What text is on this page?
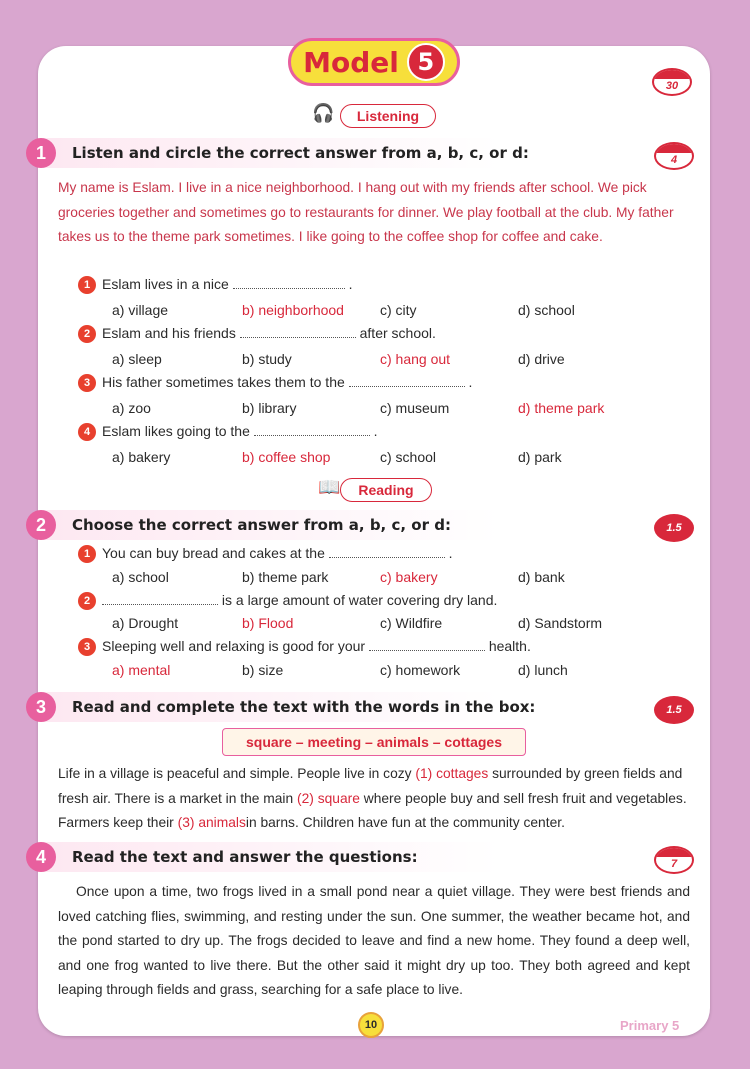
Model 5
30
🎧	Listening
1	Listen and circle the correct answer from a, b, c, or d:	4
My name is Eslam. I live in a nice neighborhood. I hang out with my friends after school. We pick groceries together and sometimes go to restaurants for dinner. We play football at the club. My father takes us to the theme park sometimes. I like going to the coffee shop for coffee and cake.
1 Eslam lives in a nice	.
a) village	b) neighborhood	c) city	d) school
2 Eslam and his friends	after school.
a) sleep	b) study	c) hang out	d) drive
3 His father sometimes takes them to the	.
a) zoo	b) library	c) museum	d) theme park
4 Eslam likes going to the	.
a) bakery	b) coffee shop	c) school	d) park
📖	Reading
2	Choose the correct answer from a, b, c, or d:	1.5
1 You can buy bread and cakes at the	.
a) school	b) theme park	c) bakery	d) bank
2	is a large amount of water covering dry land.
a) Drought	b) Flood	c) Wildfire	d) Sandstorm
3 Sleeping well and relaxing is good for your	health.
a) mental	b) size	c) homework	d) lunch
3	Read and complete the text with the words in the box:	1.5
square – meeting – animals – cottages
Life in a village is peaceful and simple. People live in cozy (1) cottages surrounded by green fields and fresh air. There is a market in the main (2) square where people buy and sell fresh fruit and vegetables. Farmers keep their (3) animalsin barns. Children have fun at the community center.
4	Read the text and answer the questions:	7
Once upon a time, two frogs lived in a small pond near a quiet village. They were best friends and loved catching flies, swimming, and resting under the sun. One summer, the weather became hot, and the pond started to dry up. The frogs decided to leave and find a new home. They found a deep well, and one frog wanted to live there. But the other said it might dry up too. They both agreed and kept leaping through fields and grass, searching for a safe place to live.
10	Primary 5
